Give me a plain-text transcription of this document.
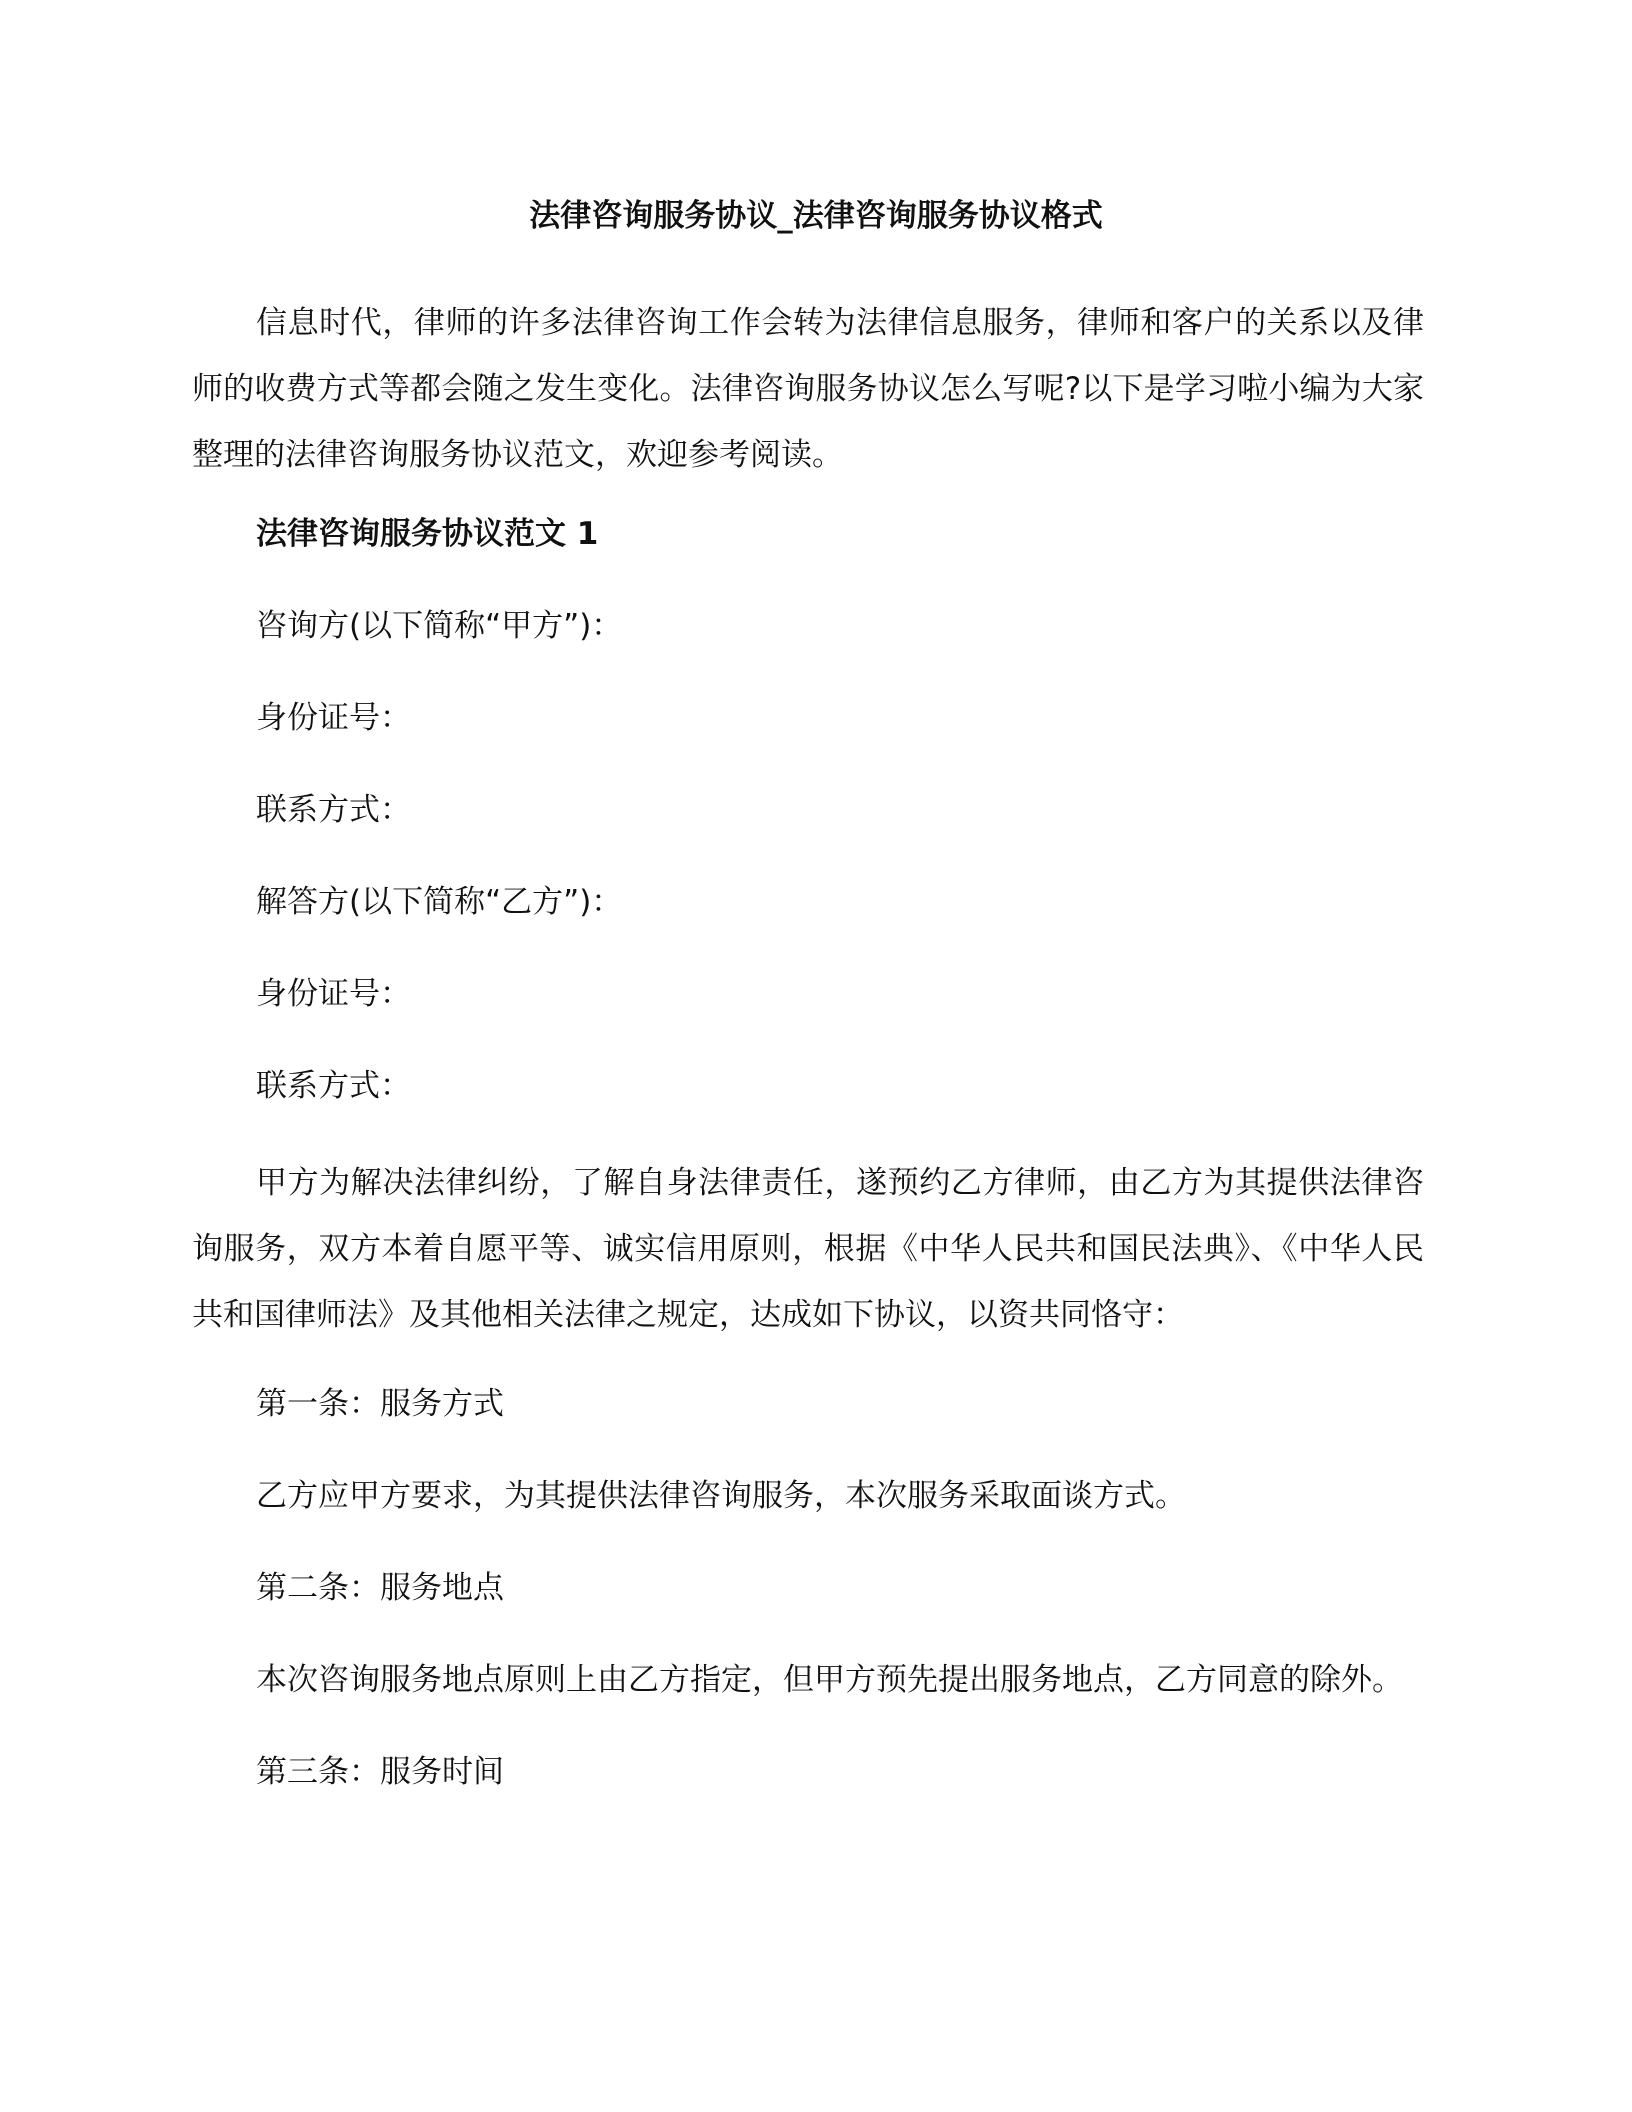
法律咨询服务协议_法律咨询服务协议格式

信息时代，律师的许多法律咨询工作会转为法律信息服务，律师和客户的关系以及律师的收费方式等都会随之发生变化。法律咨询服务协议怎么写呢?以下是学习啦小编为大家整理的法律咨询服务协议范文，欢迎参考阅读。

法律咨询服务协议范文 1

咨询方(以下简称“甲方”)：

身份证号：

联系方式：

解答方(以下简称“乙方”)：

身份证号：

联系方式：

甲方为解决法律纠纷，了解自身法律责任，遂预约乙方律师，由乙方为其提供法律咨询服务，双方本着自愿平等、诚实信用原则，根据《中华人民共和国民法典》、《中华人民共和国律师法》及其他相关法律之规定，达成如下协议，以资共同恪守：

第一条：服务方式

乙方应甲方要求，为其提供法律咨询服务，本次服务采取面谈方式。

第二条：服务地点

本次咨询服务地点原则上由乙方指定，但甲方预先提出服务地点，乙方同意的除外。

第三条：服务时间
